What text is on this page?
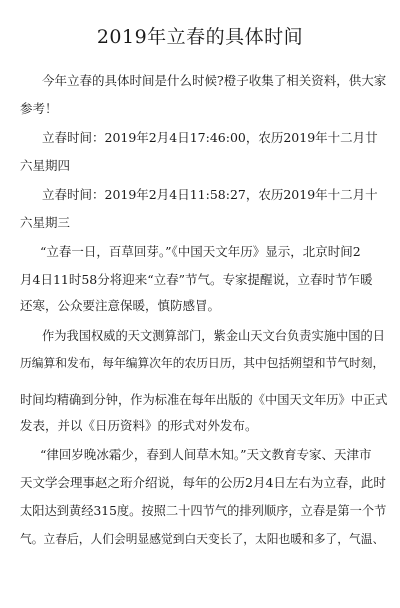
2019年立春的具体时间
今年立春的具体时间是什么时候?橙子收集了相关资料，供大家
参考！
立春时间：2019年2月4日17:46:00，农历2019年十二月廿
六星期四
立春时间：2019年2月4日11:58:27，农历2019年十二月十
六星期三
“立春一日，百草回芽。”《中国天文年历》显示，北京时间2
月4日11时58分将迎来“立春”节气。专家提醒说，立春时节乍暖
还寒，公众要注意保暖，慎防感冒。
作为我国权威的天文测算部门，紫金山天文台负责实施中国的日
历编算和发布，每年编算次年的农历日历，其中包括朔望和节气时刻，
时间均精确到分钟，作为标准在每年出版的《中国天文年历》中正式
发表，并以《日历资料》的形式对外发布。
“律回岁晚冰霜少，春到人间草木知。”天文教育专家、天津市
天文学会理事赵之珩介绍说，每年的公历2月4日左右为立春，此时
太阳达到黄经315度。按照二十四节气的排列顺序，立春是第一个节
气。立春后，人们会明显感觉到白天变长了，太阳也暖和多了，气温、
